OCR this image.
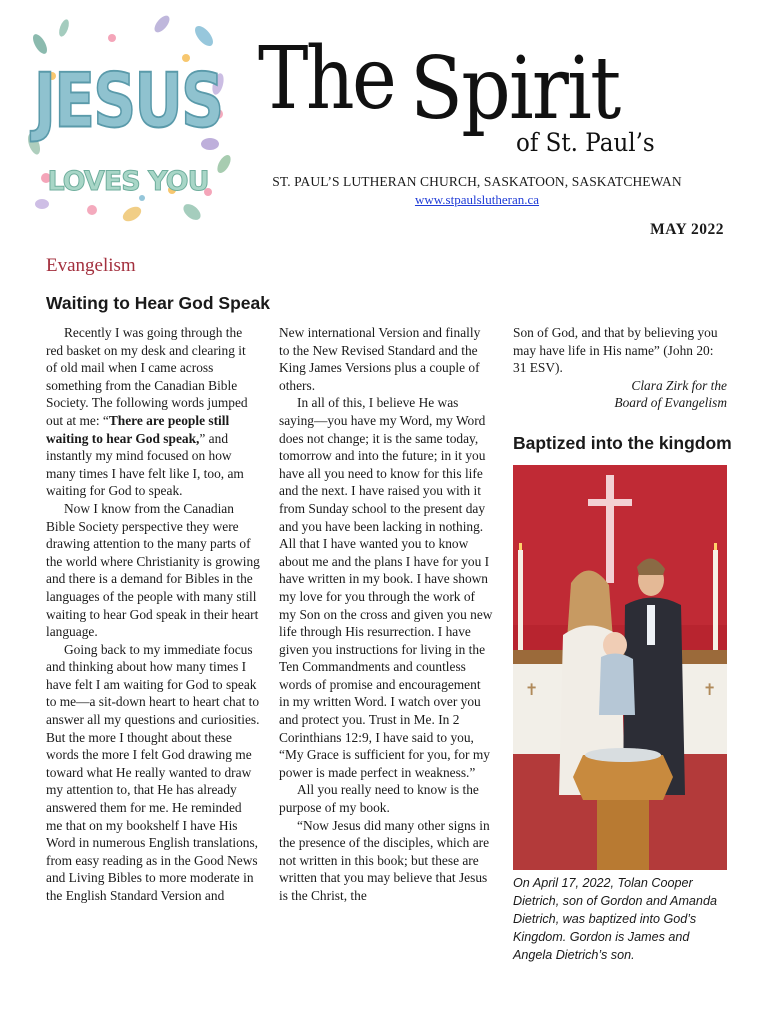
JESUS
LOVES YOU
The Spirit
of St. Paul’s
ST. PAUL’S LUTHERAN CHURCH, SASKATOON, SASKATCHEWAN
www.stpaulslutheran.ca
MAY 2022
Evangelism
Waiting to Hear God Speak

Recently I was going through the red basket on my desk and clearing it of old mail when I came across something from the Canadian Bible Society. The following words jumped out at me: “There are people still waiting to hear God speak,” and instantly my mind focused on how many times I have felt like I, too, am waiting for God to speak.

Now I know from the Canadian Bible Society perspective they were drawing attention to the many parts of the world where Christianity is growing and there is a demand for Bibles in the languages of the people with many still waiting to hear God speak in their heart language.

Going back to my immediate focus and thinking about how many times I have felt I am waiting for God to speak to me—a sit-down heart to heart chat to answer all my questions and curiosities. But the more I thought about these words the more I felt God drawing me toward what He really wanted to draw my attention to, that He has already answered them for me. He reminded me that on my bookshelf I have His Word in numerous English translations, from easy reading as in the Good News and Living Bibles to more moderate in the English Standard Version and

New international Version and finally to the New Revised Standard and the King James Versions plus a couple of others.

In all of this, I believe He was saying—you have my Word, my Word does not change; it is the same today, tomorrow and into the future; in it you have all you need to know for this life and the next. I have raised you with it from Sunday school to the present day and you have been lacking in nothing. All that I have wanted you to know about me and the plans I have for you I have written in my book. I have shown my love for you through the work of my Son on the cross and given you new life through His resurrection. I have given you instructions for living in the Ten Commandments and countless words of promise and encouragement in my written Word. I watch over you and protect you. Trust in Me. In 2 Corinthians 12:9, I have said to you, “My Grace is sufficient for you, for my power is made perfect in weakness.”

All you really need to know is the purpose of my book.

“Now Jesus did many other signs in the presence of the disciples, which are not written in this book; but these are written that you may believe that Jesus is the Christ, the

Son of God, and that by believing you may have life in His name” (John 20: 31 ESV).

Clara Zirk for the
Board of Evangelism
Baptized into the kingdom
✝	✝
On April 17, 2022, Tolan Cooper Dietrich, son of Gordon and Amanda Dietrich, was baptized into God’s Kingdom. Gordon is James and Angela Dietrich’s son.
